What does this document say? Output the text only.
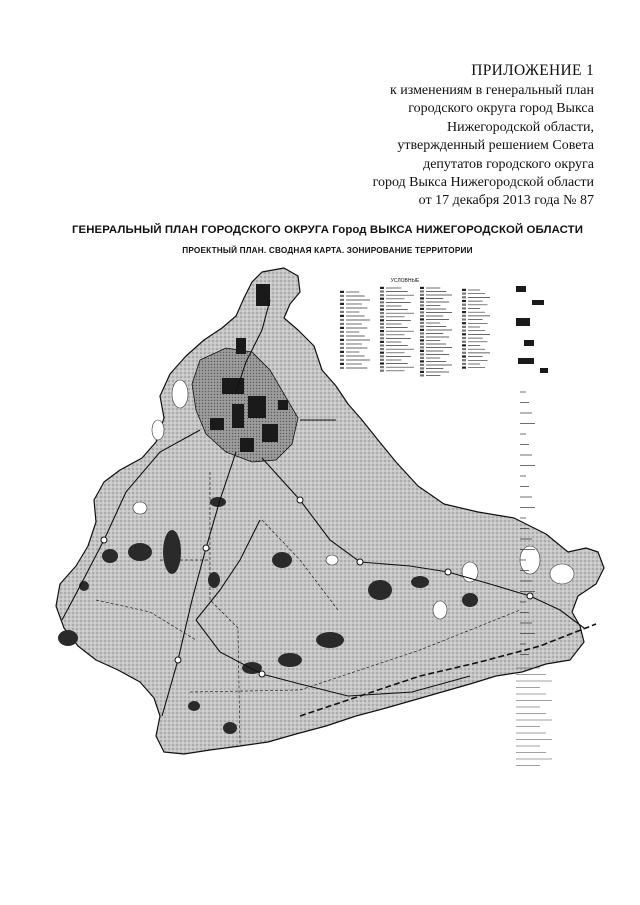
ПРИЛОЖЕНИЕ 1
к изменениям в генеральный план
городского округа город Выкса
Нижегородской области,
утвержденный решением Совета
депутатов городского округа
город Выкса Нижегородской области
от 17 декабря 2013 года № 87
ГЕНЕРАЛЬНЫЙ ПЛАН ГОРОДСКОГО ОКРУГА Город ВЫКСА НИЖЕГОРОДСКОЙ ОБЛАСТИ
ПРОЕКТНЫЙ ПЛАН. СВОДНАЯ КАРТА. ЗОНИРОВАНИЕ ТЕРРИТОРИИ
УСЛОВНЫЕ
